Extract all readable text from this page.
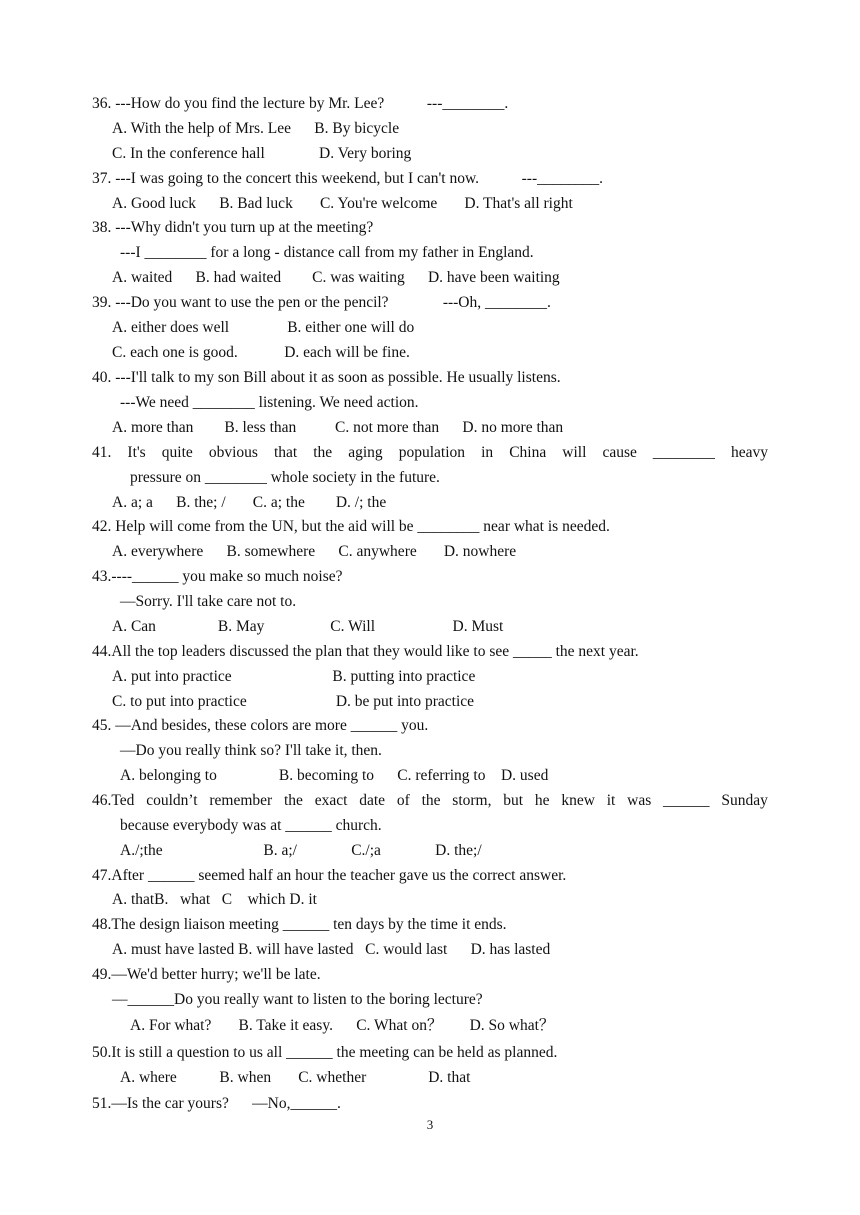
36. ---How do you find the lecture by Mr. Lee?           ---________.
A. With the help of Mrs. Lee      B. By bicycle
C. In the conference hall              D. Very boring
37. ---I was going to the concert this weekend, but I can't now.           ---________.
A. Good luck      B. Bad luck       C. You're welcome       D. That's all right
38. ---Why didn't you turn up at the meeting?
---I ________ for a long - distance call from my father in England.
A. waited      B. had waited        C. was waiting      D. have been waiting
39. ---Do you want to use the pen or the pencil?              ---Oh, ________.
A. either does well               B. either one will do
C. each one is good.            D. each will be fine.
40. ---I'll talk to my son Bill about it as soon as possible. He usually listens.
---We need ________ listening. We need action.
A. more than        B. less than          C. not more than      D. no more than
41. It's quite obvious that the aging population in China will cause ________ heavy
pressure on ________ whole society in the future.
A. a; a      B. the; /       C. a; the        D. /; the
42. Help will come from the UN, but the aid will be ________ near what is needed.
A. everywhere      B. somewhere      C. anywhere       D. nowhere
43.----______ you make so much noise?
—Sorry. I'll take care not to.
A. Can                B. May                 C. Will                    D. Must
44.All the top leaders discussed the plan that they would like to see _____ the next year.
A. put into practice                          B. putting into practice
C. to put into practice                       D. be put into practice
45. —And besides, these colors are more ______ you.
—Do you really think so? I'll take it, then.
A. belonging to                B. becoming to      C. referring to    D. used
46.Ted couldn’t remember the exact date of the storm, but he knew it was ______ Sunday
because everybody was at ______ church.
A./;the                          B. a;/              C./;a              D. the;/
47.After ______ seemed half an hour the teacher gave us the correct answer.
A. thatB.   what   C    which D. it
48.The design liaison meeting ______ ten days by the time it ends.
A. must have lasted B. will have lasted   C. would last      D. has lasted
49.—We'd better hurry; we'll be late.
—______Do you really want to listen to the boring lecture?
A. For what?       B. Take it easy.      C. What on？       D. So what？
50.It is still a question to us all ______ the meeting can be held as planned.
A. where           B. when       C. whether                D. that
51.—Is the car yours?      —No,______.
3
